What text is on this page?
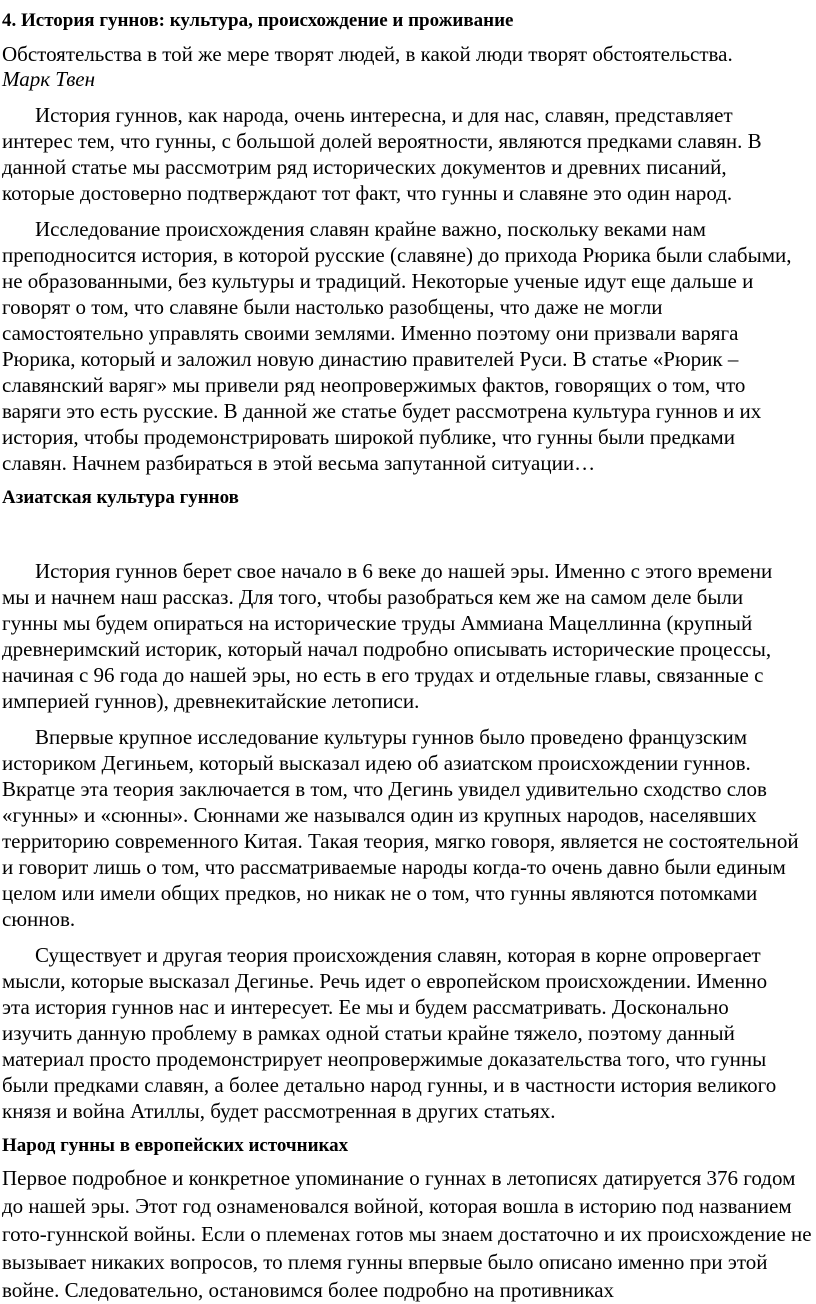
4. История гуннов: культура, происхождение и проживание

Обстоятельства в той же мере творят людей, в какой люди творят обстоятельства.
Марк Твен

История гуннов, как народа, очень интересна, и для нас, славян, представляет интерес тем, что гунны, с большой долей вероятности, являются предками славян. В данной статье мы рассмотрим ряд исторических документов и древних писаний, которые достоверно подтверждают тот факт, что гунны и славяне это один народ.

Исследование происхождения славян крайне важно, поскольку веками нам преподносится история, в которой русские (славяне) до прихода Рюрика были слабыми, не образованными, без культуры и традиций. Некоторые ученые идут еще дальше и говорят о том, что славяне были настолько разобщены, что даже не могли самостоятельно управлять своими землями. Именно поэтому они призвали варяга Рюрика, который и заложил новую династию правителей Руси. В статье «Рюрик – славянский варяг» мы привели ряд неопровержимых фактов, говорящих о том, что варяги это есть русские. В данной же статье будет рассмотрена культура гуннов и их история, чтобы продемонстрировать широкой публике, что гунны были предками славян. Начнем разбираться в этой весьма запутанной ситуации…

Азиатская культура гуннов

История гуннов берет свое начало в 6 веке до нашей эры. Именно с этого времени мы и начнем наш рассказ. Для того, чтобы разобраться кем же на самом деле были гунны мы будем опираться на исторические труды Аммиана Мацеллинна (крупный древнеримский историк, который начал подробно описывать исторические процессы, начиная с 96 года до нашей эры, но есть в его трудах и отдельные главы, связанные с империей гуннов), древнекитайские летописи.

Впервые крупное исследование культуры гуннов было проведено французским историком Дегиньем, который высказал идею об азиатском происхождении гуннов. Вкратце эта теория заключается в том, что Дегинь увидел удивительно сходство слов «гунны» и «сюнны». Сюннами же назывался один из крупных народов, населявших территорию современного Китая. Такая теория, мягко говоря, является не состоятельной и говорит лишь о том, что рассматриваемые народы когда-то очень давно были единым целом или имели общих предков, но никак не о том, что гунны являются потомками сюннов.

Существует и другая теория происхождения славян, которая в корне опровергает мысли, которые высказал Дегинье. Речь идет о европейском происхождении. Именно эта история гуннов нас и интересует. Ее мы и будем рассматривать. Досконально изучить данную проблему в рамках одной статьи крайне тяжело, поэтому данный материал просто продемонстрирует неопровержимые доказательства того, что гунны были предками славян, а более детально народ гунны, и в частности история великого князя и война Атиллы, будет рассмотренная в других статьях.

Народ гунны в европейских источниках

Первое подробное и конкретное упоминание о гуннах в летописях датируется 376 годом до нашей эры. Этот год ознаменовался войной, которая вошла в историю под названием гото-гуннской войны. Если о племенах готов мы знаем достаточно и их происхождение не вызывает никаких вопросов, то племя гунны впервые было описано именно при этой войне. Следовательно, остановимся более подробно на противниках
